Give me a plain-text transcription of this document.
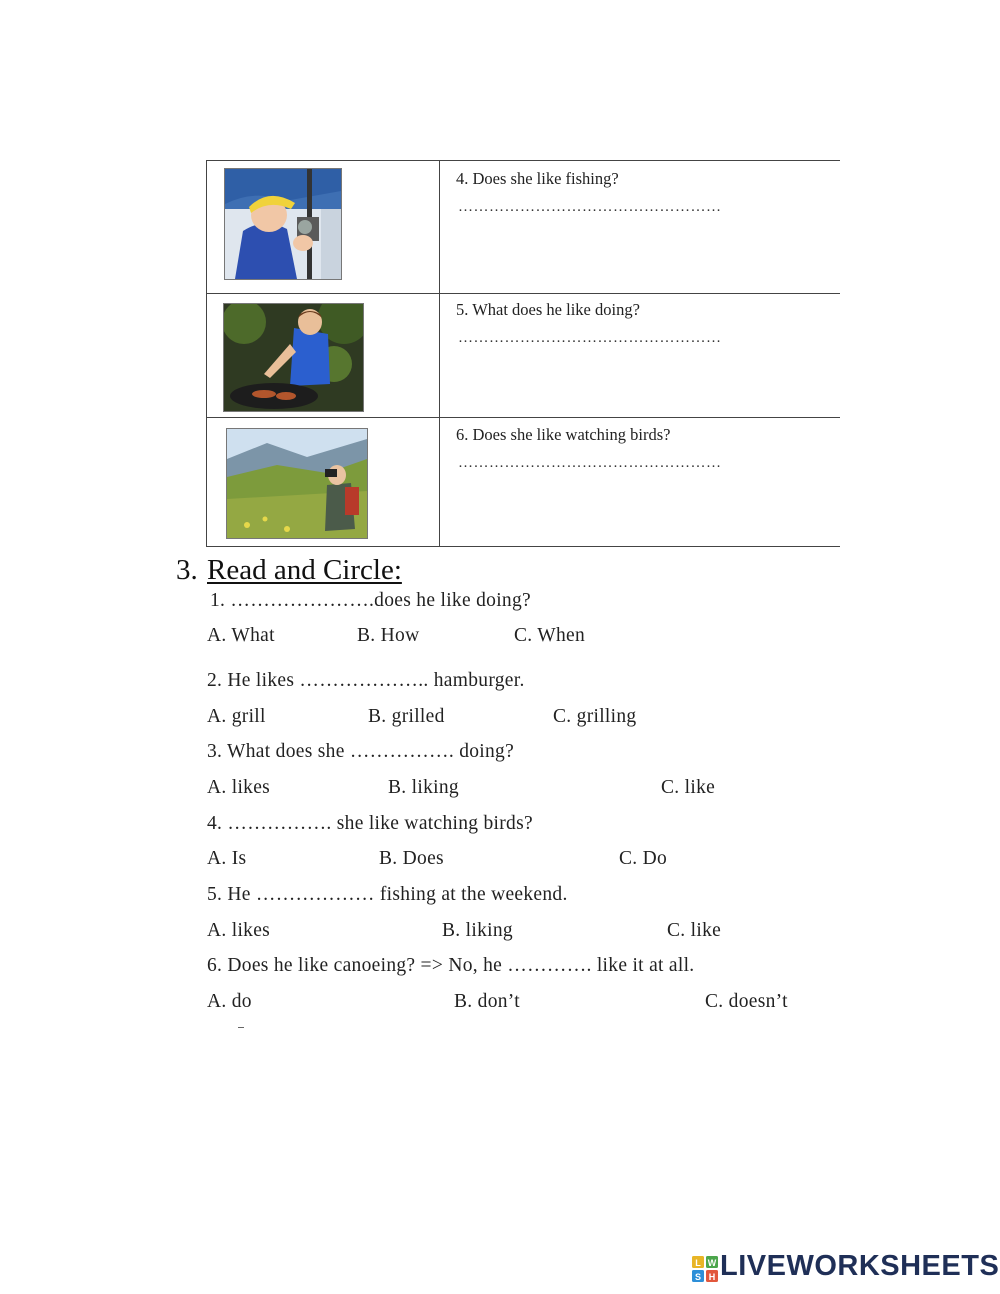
4. Does she like fishing?
……………………………………………
5. What does he like doing?
……………………………………………
6. Does she like watching birds?
……………………………………………
3. Read and Circle:
1. ………………….does he like doing?
A. What	B. How	C. When
2. He likes ……………….. hamburger.
A. grill	B. grilled	C. grilling
3. What does she ……………. doing?
A. likes	B. liking	C. like
4. ……………. she like watching birds?
A. Is	B. Does	C. Do
5. He ……………… fishing at the weekend.
A. likes	B. liking	C. like
6. Does he like canoeing? => No, he …………. like it at all.
A. do	B. don’t	C. doesn’t
L W
S H LIVEWORKSHEETS
